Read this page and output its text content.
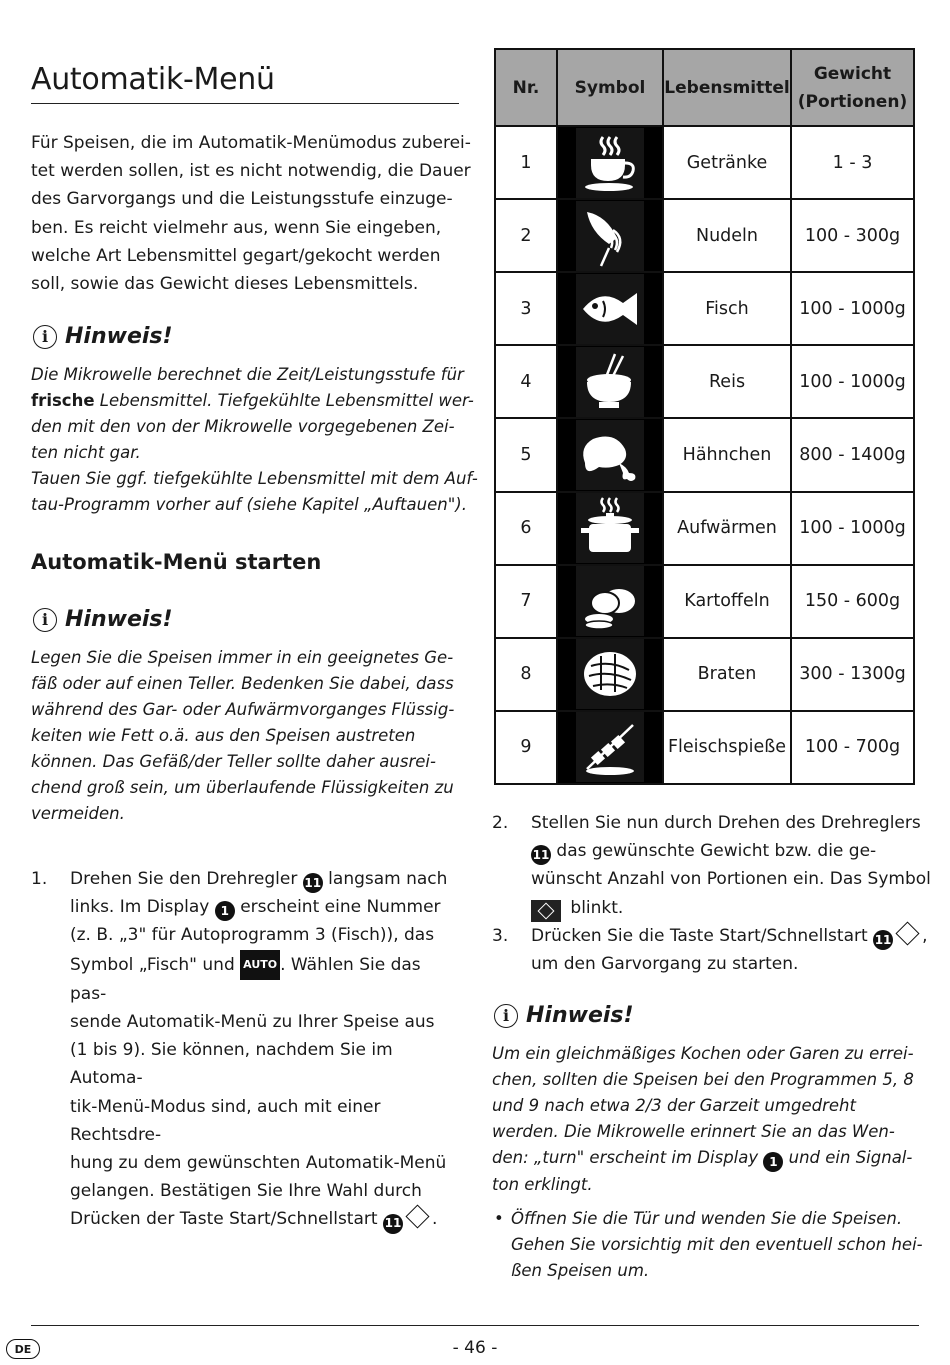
Automatik-Menü
Für Speisen, die im Automatik-Menümodus zuberei-
tet werden sollen, ist es nicht notwendig, die Dauer
des Garvorgangs und die Leistungsstufe einzuge-
ben. Es reicht vielmehr aus, wenn Sie eingeben,
welche Art Lebensmittel gegart/gekocht werden
soll, sowie das Gewicht dieses Lebensmittels.
i Hinweis!
Die Mikrowelle berechnet die Zeit/Leistungsstufe für
frische Lebensmittel. Tiefgekühlte Lebensmittel wer-
den mit den von der Mikrowelle vorgegebenen Zei-
ten nicht gar.
Tauen Sie ggf. tiefgekühlte Lebensmittel mit dem Auf-
tau-Programm vorher auf (siehe Kapitel „Auftauen").
Automatik-Menü starten
i Hinweis!
Legen Sie die Speisen immer in ein geeignetes Ge-
fäß oder auf einen Teller. Bedenken Sie dabei, dass
während des Gar- oder Aufwärmvorganges Flüssig-
keiten wie Fett o.ä. aus den Speisen austreten
können. Das Gefäß/der Teller sollte daher ausrei-
chend groß sein, um überlaufende Flüssigkeiten zu
vermeiden.
1. Drehen Sie den Drehregler 11 langsam nach
links. Im Display 1 erscheint eine Nummer
(z. B. „3" für Autoprogramm 3 (Fisch)), das
Symbol „Fisch" und AUTO . Wählen Sie das pas-
sende Automatik-Menü zu Ihrer Speise aus
(1 bis 9). Sie können, nachdem Sie im Automa-
tik-Menü-Modus sind, auch mit einer Rechtsdre-
hung zu dem gewünschten Automatik-Menü
gelangen. Bestätigen Sie Ihre Wahl durch
Drücken der Taste Start/Schnellstart 11 .
Nr.	Symbol	Lebensmittel	Gewicht
(Portionen)

1		Getränke	1 - 3
2		Nudeln	100 - 300g
3		Fisch	100 - 1000g
4		Reis	100 - 1000g
5		Hähnchen	800 - 1400g
6		Aufwärmen	100 - 1000g
7		Kartoffeln	150 - 600g
8		Braten	300 - 1300g
9		Fleischspieße	100 - 700g
2. Stellen Sie nun durch Drehen des Drehreglers
11 das gewünschte Gewicht bzw. die ge-
wünscht Anzahl von Portionen ein. Das Symbol
blinkt.
3. Drücken Sie die Taste Start/Schnellstart 11 ,
um den Garvorgang zu starten.
i Hinweis!
Um ein gleichmäßiges Kochen oder Garen zu errei-
chen, sollten die Speisen bei den Programmen 5, 8
und 9 nach etwa 2/3 der Garzeit umgedreht
werden. Die Mikrowelle erinnert Sie an das Wen-
den: „turn" erscheint im Display 1 und ein Signal-
ton erklingt.
• Öffnen Sie die Tür und wenden Sie die Speisen.
Gehen Sie vorsichtig mit den eventuell schon hei-
ßen Speisen um.
DE	- 46 -
